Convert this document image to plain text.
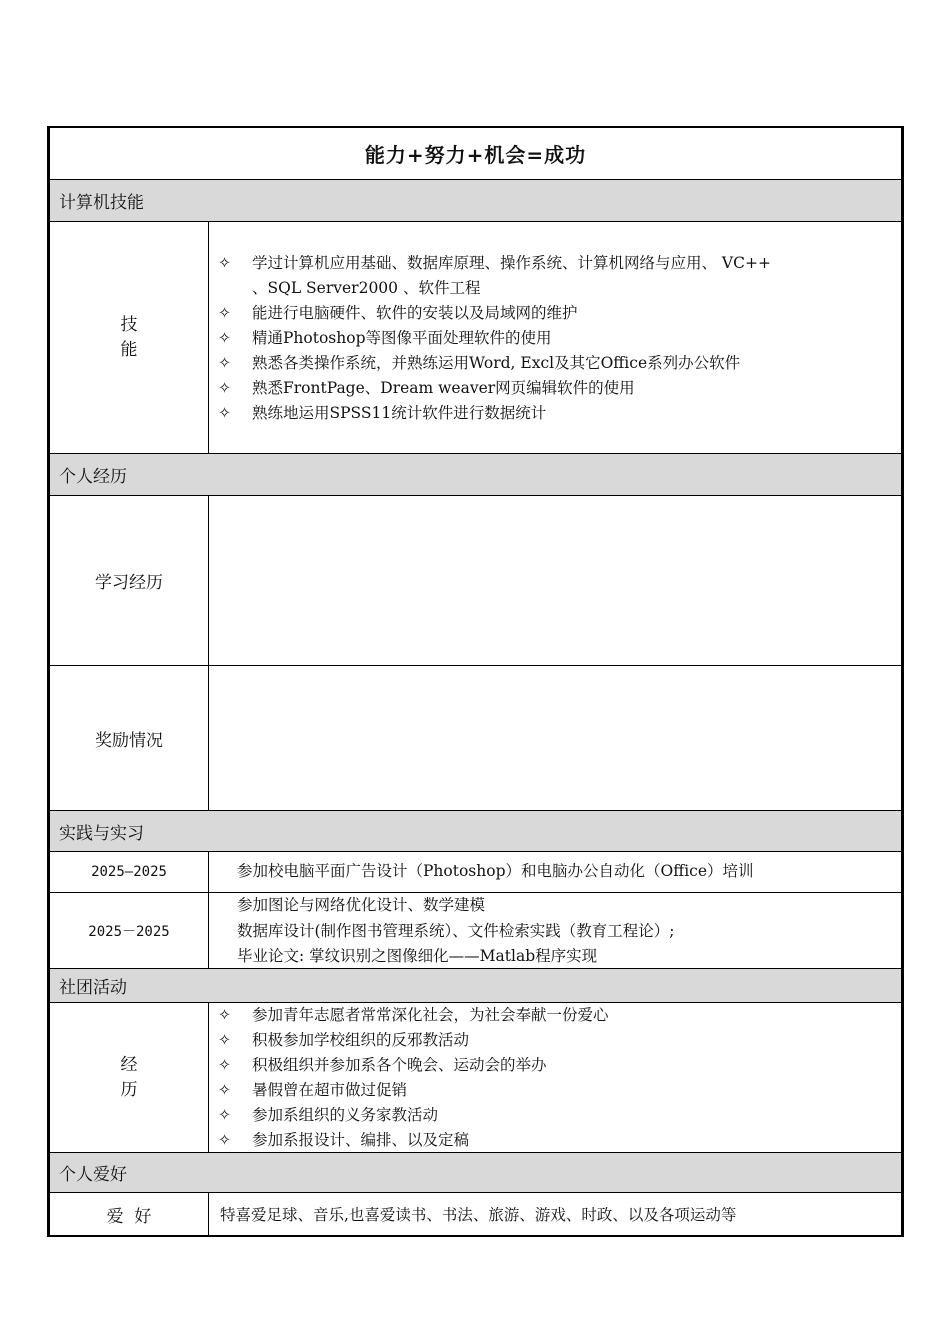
能力+努力+机会=成功
计算机技能
技
能
✧ 学过计算机应用基础、数据库原理、操作系统、计算机网络与应用、 VC++
、SQL Server2000 、软件工程
✧ 能进行电脑硬件、软件的安装以及局域网的维护
✧ 精通Photoshop等图像平面处理软件的使用
✧ 熟悉各类操作系统，并熟练运用Word, Excl及其它Office系列办公软件
✧ 熟悉FrontPage、Dream weaver网页编辑软件的使用
✧ 熟练地运用SPSS11统计软件进行数据统计
个人经历
学习经历
奖励情况
实践与实习
2025—2025	参加校电脑平面广告设计（Photoshop）和电脑办公自动化（Office）培训
2025－2025
参加图论与网络优化设计、数学建模
数据库设计(制作图书管理系统）、文件检索实践（教育工程论）;
毕业论文: 掌纹识别之图像细化——Matlab程序实现
社团活动
经
历
✧ 参加青年志愿者常常深化社会，为社会奉献一份爱心
✧ 积极参加学校组织的反邪教活动
✧ 积极组织并参加系各个晚会、运动会的举办
✧ 暑假曾在超市做过促销
✧ 参加系组织的义务家教活动
✧ 参加系报设计、编排、以及定稿
个人爱好
爱  好	特喜爱足球、音乐,也喜爱读书、书法、旅游、游戏、时政、以及各项运动等
